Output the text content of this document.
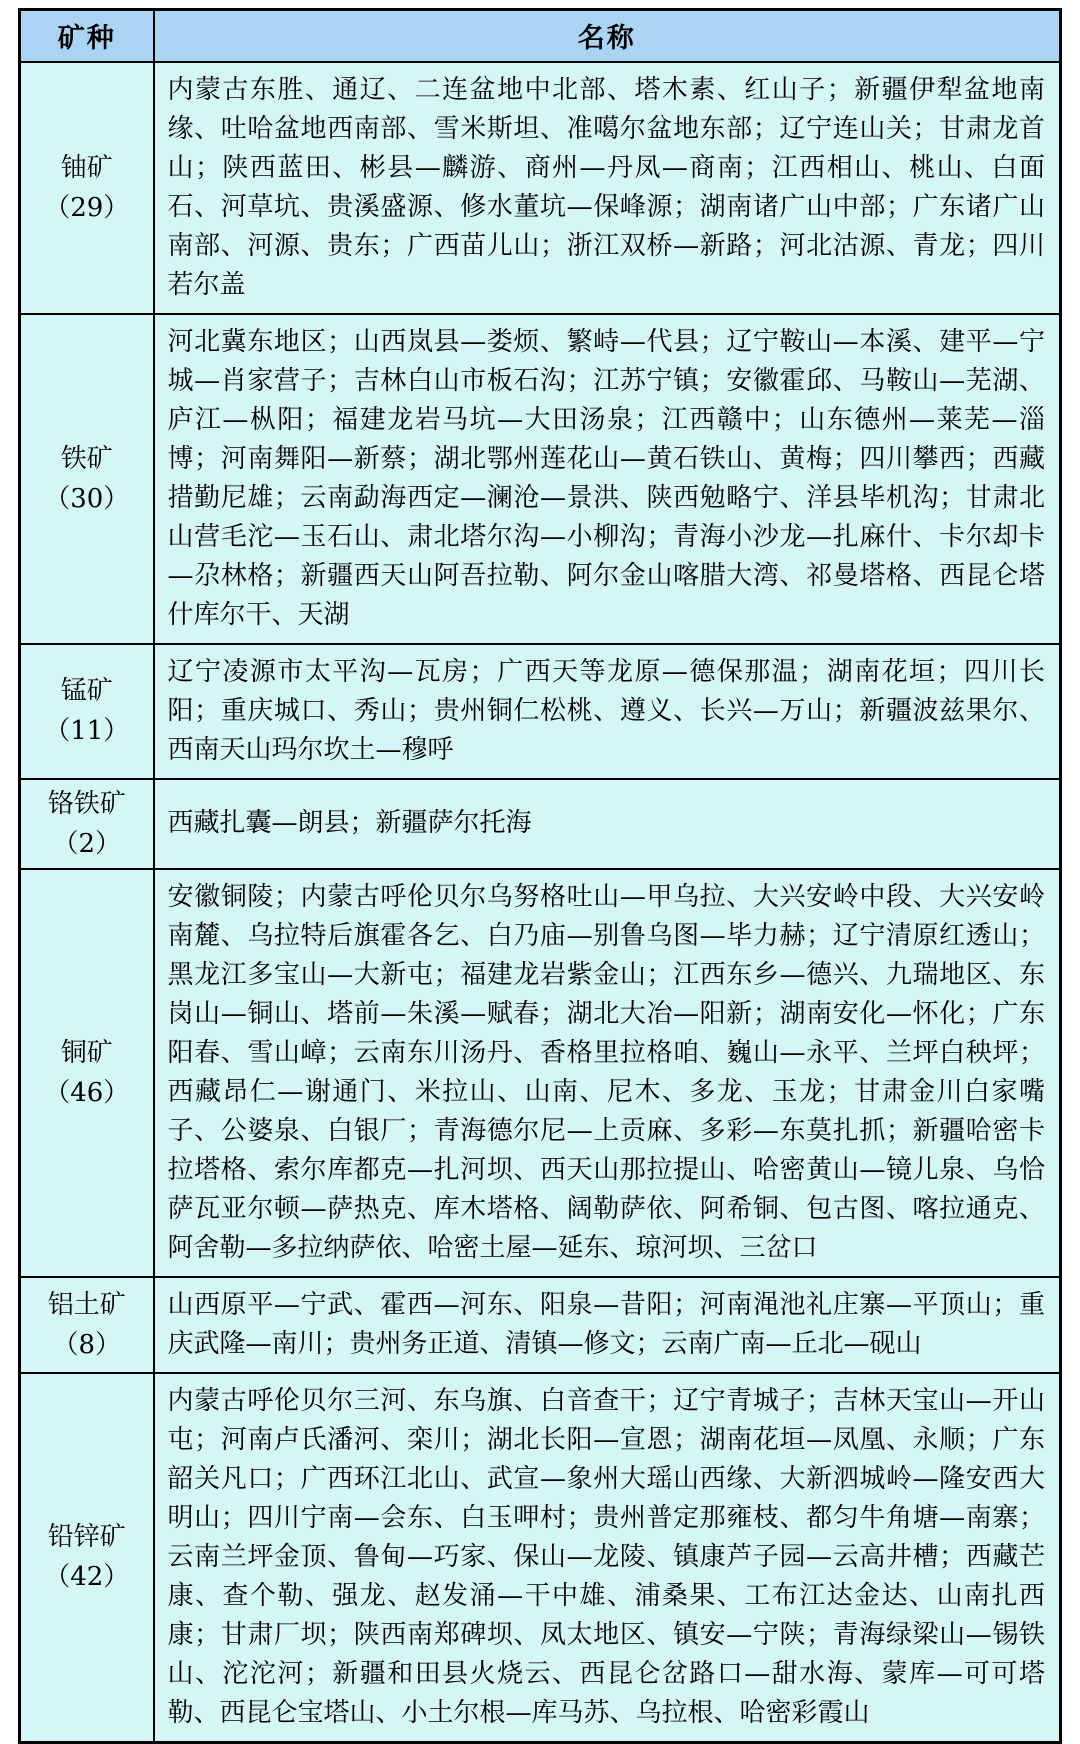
矿种	名称

铀矿
（29）	内蒙古东胜、通辽、二连盆地中北部、塔木素、红山子；新疆伊犁盆地南缘、吐哈盆地西南部、雪米斯坦、准噶尔盆地东部；辽宁连山关；甘肃龙首山；陕西蓝田、彬县—麟游、商州—丹凤—商南；江西相山、桃山、白面石、河草坑、贵溪盛源、修水董坑—保峰源；湖南诸广山中部；广东诸广山南部、河源、贵东；广西苗儿山；浙江双桥—新路；河北沽源、青龙；四川若尔盖

铁矿
（30）	河北冀东地区；山西岚县—娄烦、繁峙—代县；辽宁鞍山—本溪、建平—宁城—肖家营子；吉林白山市板石沟；江苏宁镇；安徽霍邱、马鞍山—芜湖、庐江—枞阳；福建龙岩马坑—大田汤泉；江西赣中；山东德州—莱芜—淄博；河南舞阳—新蔡；湖北鄂州莲花山—黄石铁山、黄梅；四川攀西；西藏措勤尼雄；云南勐海西定—澜沧—景洪、陕西勉略宁、洋县毕机沟；甘肃北山营毛沱—玉石山、肃北塔尔沟—小柳沟；青海小沙龙—扎麻什、卡尔却卡—尕林格；新疆西天山阿吾拉勒、阿尔金山喀腊大湾、祁曼塔格、西昆仑塔什库尔干、天湖

锰矿
（11）	辽宁凌源市太平沟—瓦房；广西天等龙原—德保那温；湖南花垣；四川长阳；重庆城口、秀山；贵州铜仁松桃、遵义、长兴—万山；新疆波兹果尔、西南天山玛尔坎土—穆呼

铬铁矿
（2）	西藏扎囊—朗县；新疆萨尔托海

铜矿
（46）	安徽铜陵；内蒙古呼伦贝尔乌努格吐山—甲乌拉、大兴安岭中段、大兴安岭南麓、乌拉特后旗霍各乞、白乃庙—别鲁乌图—毕力赫；辽宁清原红透山；黑龙江多宝山—大新屯；福建龙岩紫金山；江西东乡—德兴、九瑞地区、东岗山—铜山、塔前—朱溪—赋春；湖北大冶—阳新；湖南安化—怀化；广东阳春、雪山嶂；云南东川汤丹、香格里拉格咱、巍山—永平、兰坪白秧坪；西藏昂仁—谢通门、米拉山、山南、尼木、多龙、玉龙；甘肃金川白家嘴子、公婆泉、白银厂；青海德尔尼—上贡麻、多彩—东莫扎抓；新疆哈密卡拉塔格、索尔库都克—扎河坝、西天山那拉提山、哈密黄山—镜儿泉、乌恰萨瓦亚尔顿—萨热克、库木塔格、阔勒萨依、阿希铜、包古图、喀拉通克、阿舍勒—多拉纳萨依、哈密土屋—延东、琼河坝、三岔口

铝土矿
（8）	山西原平—宁武、霍西—河东、阳泉—昔阳；河南渑池礼庄寨—平顶山；重庆武隆—南川；贵州务正道、清镇—修文；云南广南—丘北—砚山

铅锌矿
（42）	内蒙古呼伦贝尔三河、东乌旗、白音查干；辽宁青城子；吉林天宝山—开山屯；河南卢氏潘河、栾川；湖北长阳—宣恩；湖南花垣—凤凰、永顺；广东韶关凡口；广西环江北山、武宣—象州大瑶山西缘、大新泗城岭—隆安西大明山；四川宁南—会东、白玉呷村；贵州普定那雍枝、都匀牛角塘—南寨；云南兰坪金顶、鲁甸—巧家、保山—龙陵、镇康芦子园—云高井槽；西藏芒康、查个勒、强龙、赵发涌—干中雄、浦桑果、工布江达金达、山南扎西康；甘肃厂坝；陕西南郑碑坝、凤太地区、镇安—宁陕；青海绿梁山—锡铁山、沱沱河；新疆和田县火烧云、西昆仑岔路口—甜水海、蒙库—可可塔勒、西昆仑宝塔山、小土尔根—库马苏、乌拉根、哈密彩霞山
